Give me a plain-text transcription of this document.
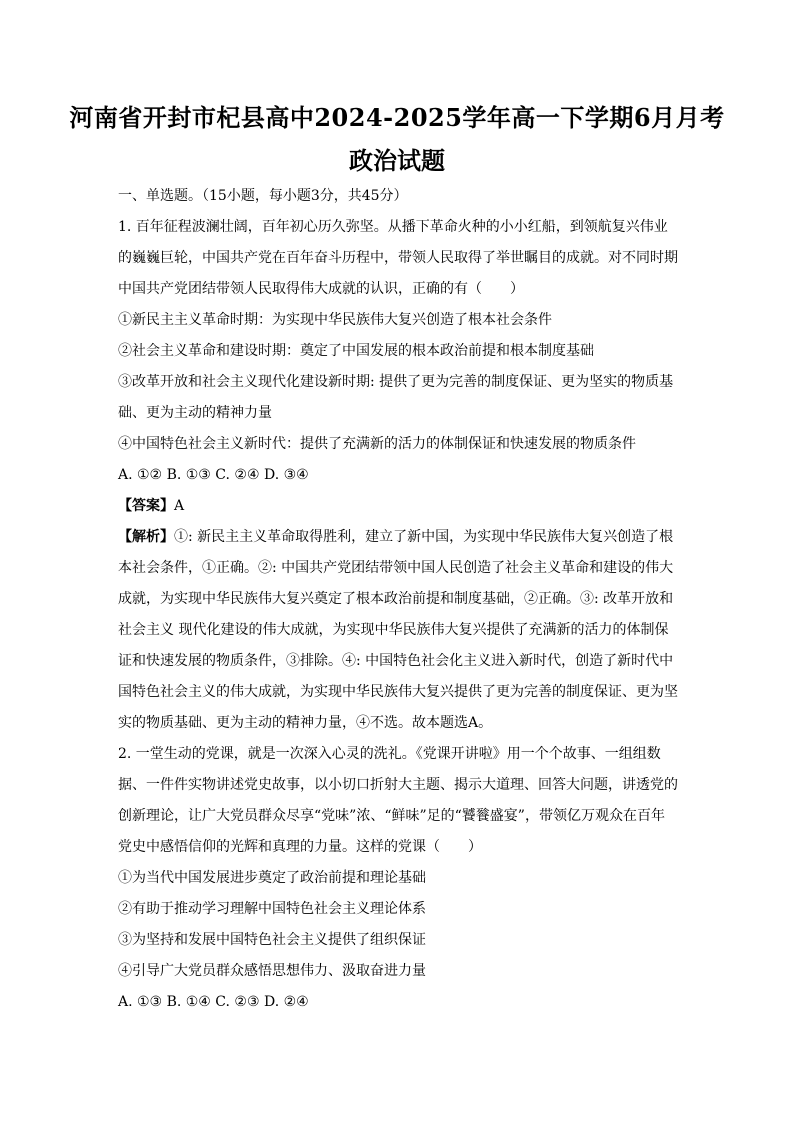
河南省开封市杞县高中2024-2025学年高一下学期6月月考
政治试题

一、单选题。（15小题，每小题3分，共45分）

1. 百年征程波澜壮阔，百年初心历久弥坚。从播下革命火种的小小红船，到领航复兴伟业的巍巍巨轮，中国共产党在百年奋斗历程中，带领人民取得了举世瞩目的成就。对不同时期中国共产党团结带领人民取得伟大成就的认识，正确的有（　　）

①新民主主义革命时期：为实现中华民族伟大复兴创造了根本社会条件

②社会主义革命和建设时期：奠定了中国发展的根本政治前提和根本制度基础

③改革开放和社会主义现代化建设新时期: 提供了更为完善的制度保证、更为坚实的物质基础、更为主动的精神力量

④中国特色社会主义新时代：提供了充满新的活力的体制保证和快速发展的物质条件

A. ①② B. ①③ C. ②④ D. ③④

【答案】A

【解析】①: 新民主主义革命取得胜利，建立了新中国，为实现中华民族伟大复兴创造了根本社会条件，①正确。②: 中国共产党团结带领中国人民创造了社会主义革命和建设的伟大成就，为实现中华民族伟大复兴奠定了根本政治前提和制度基础，②正确。③: 改革开放和社会主义 现代化建设的伟大成就，为实现中华民族伟大复兴提供了充满新的活力的体制保证和快速发展的物质条件，③排除。④: 中国特色社会化主义进入新时代，创造了新时代中国特色社会主义的伟大成就，为实现中华民族伟大复兴提供了更为完善的制度保证、更为坚实的物质基础、更为主动的精神力量，④不选。故本题选A。

2. 一堂生动的党课，就是一次深入心灵的洗礼。《党课开讲啦》用一个个故事、一组组数据、一件件实物讲述党史故事，以小切口折射大主题、揭示大道理、回答大问题，讲透党的创新理论，让广大党员群众尽享“党味”浓、“鲜味”足的“饕餮盛宴”，带领亿万观众在百年党史中感悟信仰的光辉和真理的力量。这样的党课（　　）

①为当代中国发展进步奠定了政治前提和理论基础

②有助于推动学习理解中国特色社会主义理论体系

③为坚持和发展中国特色社会主义提供了组织保证

④引导广大党员群众感悟思想伟力、汲取奋进力量

A. ①③ B. ①④ C. ②③ D. ②④
